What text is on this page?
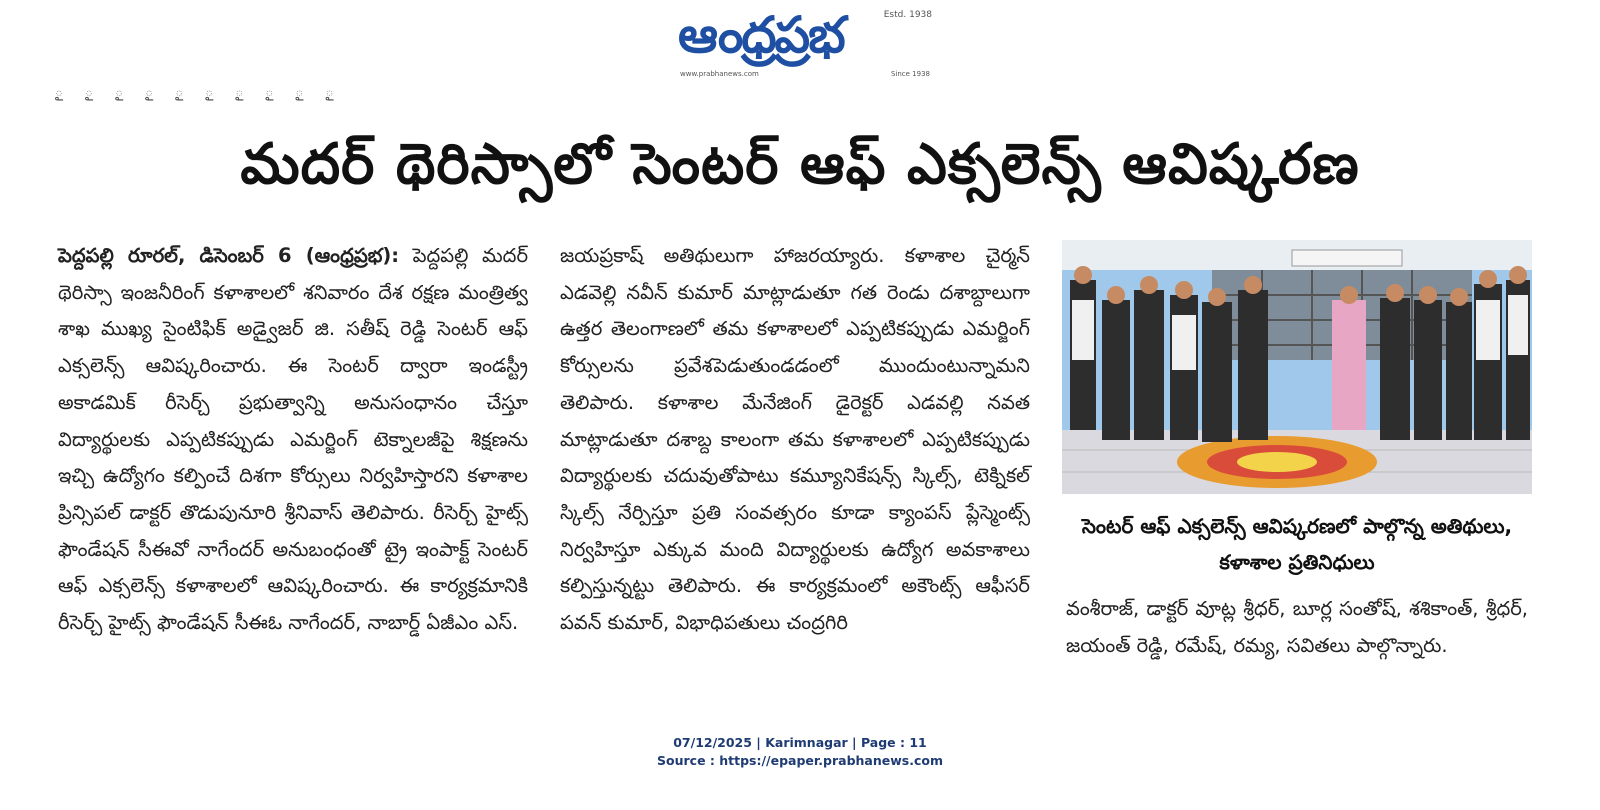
ఆంధ్రప్రభ	Estd. 1938
www.prabhanews.com	Since 1938
ౖ ౖ ౖ ౖ ౖ ౖ ౖ ౖ ౖ ౖ
మదర్ థెరిస్సాలో సెంటర్ ఆఫ్ ఎక్సలెన్స్ ఆవిష్కరణ
పెద్దపల్లి రూరల్, డిసెంబర్ 6 (ఆంధ్రప్రభ): పెద్దపల్లి మదర్ థెరిస్సా ఇంజనీరింగ్ కళాశాలలో శనివారం దేశ రక్షణ మంత్రిత్వ శాఖ ముఖ్య సైంటిఫిక్ అడ్వైజర్ జి. సతీష్ రెడ్డి సెంటర్ ఆఫ్ ఎక్సలెన్స్ ఆవిష్కరించారు. ఈ సెంటర్ ద్వారా ఇండస్ట్రీ అకాడమిక్ రీసెర్చ్ ప్రభుత్వాన్ని అనుసంధానం చేస్తూ విద్యార్థులకు ఎప్పటికప్పుడు ఎమర్జింగ్ టెక్నాలజీపై శిక్షణను ఇచ్చి ఉద్యోగం కల్పించే దిశగా కోర్సులు నిర్వహిస్తారని కళాశాల ప్రిన్సిపల్ డాక్టర్ తొడుపునూరి శ్రీనివాస్ తెలిపారు. రీసెర్చ్ హైట్స్ ఫౌండేషన్ సీఈవో నాగేందర్ అనుబంధంతో ట్రై ఇంపాక్ట్ సెంటర్ ఆఫ్ ఎక్సలెన్స్ కళాశాలలో ఆవిష్కరించారు. ఈ కార్యక్రమానికి రీసెర్చ్ హైట్స్ ఫౌండేషన్ సీఈఓ నాగేందర్, నాబార్డ్ ఏజీఎం ఎస్.
జయప్రకాష్ అతిథులుగా హాజరయ్యారు. కళాశాల చైర్మన్ ఎడవెల్లి నవీన్ కుమార్ మాట్లాడుతూ గత రెండు దశాబ్దాలుగా ఉత్తర తెలంగాణలో తమ కళాశాలలో ఎప్పటికప్పుడు ఎమర్జింగ్ కోర్సులను ప్రవేశపెడుతుండడంలో ముందుంటున్నామని తెలిపారు. కళాశాల మేనేజింగ్ డైరెక్టర్ ఎడవల్లి నవత మాట్లాడుతూ దశాబ్ద కాలంగా తమ కళాశాలలో ఎప్పటికప్పుడు విద్యార్థులకు చదువుతోపాటు కమ్యూనికేషన్స్ స్కిల్స్, టెక్నికల్ స్కిల్స్ నేర్పిస్తూ ప్రతి సంవత్సరం కూడా క్యాంపస్ ప్లేస్మెంట్స్ నిర్వహిస్తూ ఎక్కువ మంది విద్యార్థులకు ఉద్యోగ అవకాశాలు కల్పిస్తున్నట్టు తెలిపారు. ఈ కార్యక్రమంలో అకౌంట్స్ ఆఫీసర్ పవన్ కుమార్, విభాధిపతులు చంద్రగిరి
సెంటర్ ఆఫ్ ఎక్సలెన్స్ ఆవిష్కరణలో పాల్గొన్న అతిథులు, కళాశాల ప్రతినిధులు
వంశీరాజ్, డాక్టర్ వూట్ల శ్రీధర్, బూర్ల సంతోష్, శశికాంత్, శ్రీధర్, జయంత్ రెడ్డి, రమేష్, రమ్య, సవితలు పాల్గొన్నారు.
07/12/2025 | Karimnagar | Page : 11
Source : https://epaper.prabhanews.com
